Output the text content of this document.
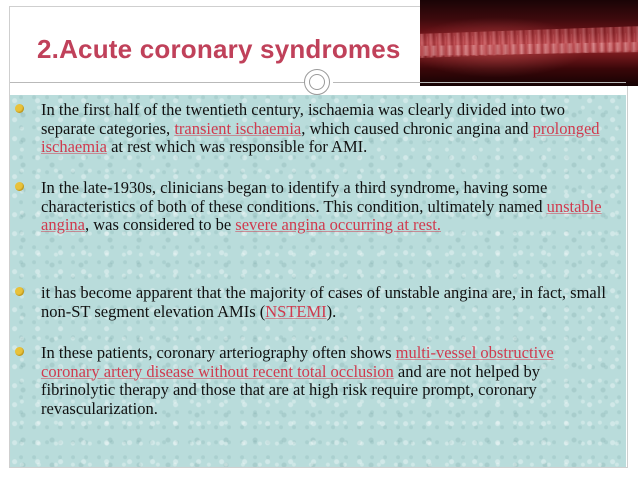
2.Acute coronary syndromes
In the first half of the twentieth century, ischaemia was clearly divided into two separate categories, transient ischaemia, which caused chronic angina and prolonged ischaemia at rest which was responsible for AMI.
In the late-1930s, clinicians began to identify a third syndrome, having some characteristics of both of these conditions. This condition, ultimately named unstable angina, was considered to be severe angina occurring at rest.
it has become apparent that the majority of cases of unstable angina are, in fact, small non-ST segment elevation AMIs (NSTEMI).
In these patients, coronary arteriography often shows multi-vessel obstructive coronary artery disease without recent total occlusion and are not helped by fibrinolytic therapy and those that are at high risk require prompt, coronary revascularization.
